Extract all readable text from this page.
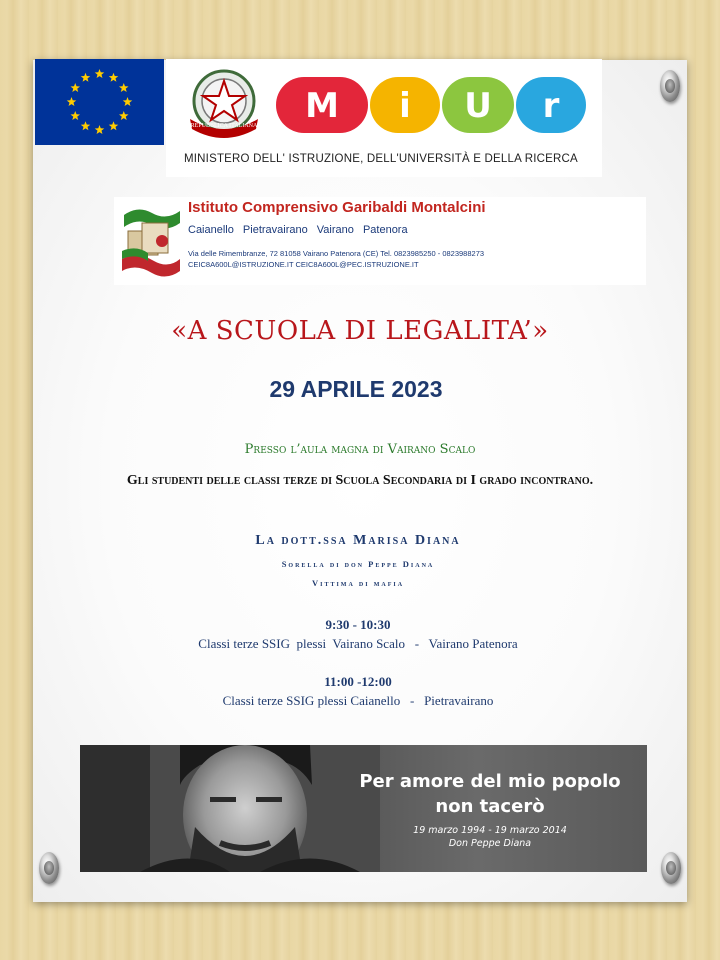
REPUBBLICA ITALIANA	M	i	U	r
MINISTERO DELL' ISTRUZIONE, DELL'UNIVERSITÀ E DELLA RICERCA
Istituto Comprensivo Garibaldi Montalcini
Caianello Pietravairano Vairano Patenora
Via delle Rimembranze, 72 81058 Vairano Patenora (CE) Tel. 0823985250 - 0823988273
CEIC8A600L@ISTRUZIONE.IT CEIC8A600L@PEC.ISTRUZIONE.IT
«A SCUOLA DI LEGALITA’»
29 APRILE 2023
Presso l’aula magna di Vairano Scalo
Gli studenti delle classi terze di Scuola Secondaria di I grado incontrano.
La dott.ssa Marisa Diana
Sorella di don Peppe Diana
Vittima di mafia
9:30 - 10:30
Classi terze SSIG  plessi  Vairano Scalo   -   Vairano Patenora
11:00 -12:00
Classi terze SSIG plessi Caianello   -   Pietravairano
Per amore del mio popolo
non tacerò
19 marzo 1994 - 19 marzo 2014
Don Peppe Diana
